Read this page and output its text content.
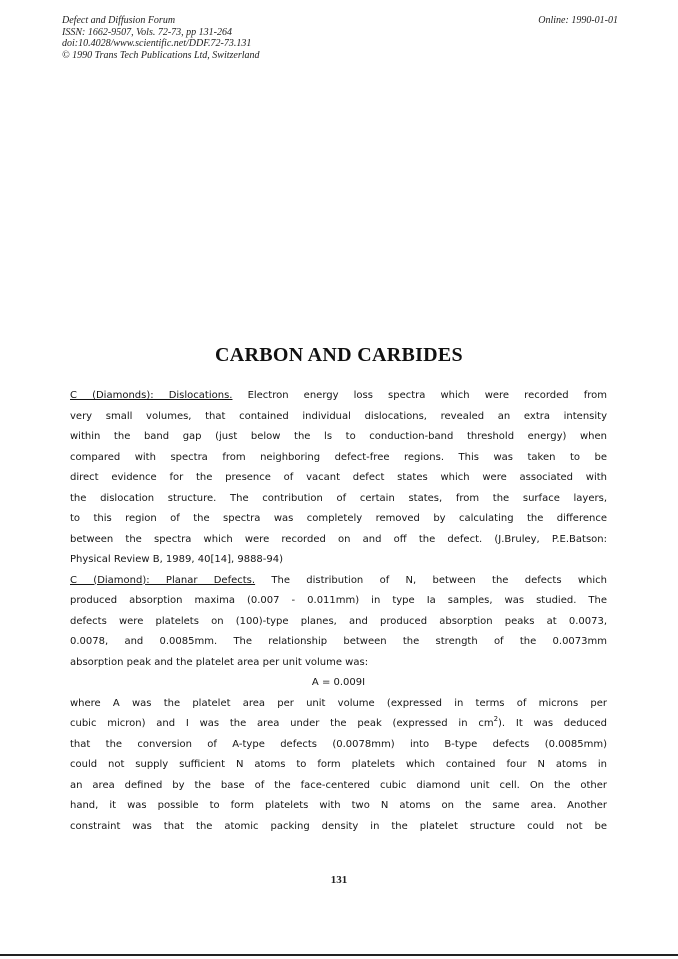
Defect and Diffusion Forum
ISSN: 1662-9507, Vols. 72-73, pp 131-264
doi:10.4028/www.scientific.net/DDF.72-73.131
© 1990 Trans Tech Publications Ltd, Switzerland
Online: 1990-01-01
CARBON AND CARBIDES
C (Diamonds): Dislocations. Electron energy loss spectra which were recorded from
very small volumes, that contained individual dislocations, revealed an extra intensity
within the band gap (just below the ls to conduction-band threshold energy) when
compared with spectra from neighboring defect-free regions. This was taken to be
direct evidence for the presence of vacant defect states which were associated with
the dislocation structure. The contribution of certain states, from the surface layers,
to this region of the spectra was completely removed by calculating the difference
between the spectra which were recorded on and off the defect. (J.Bruley, P.E.Batson:
Physical Review B, 1989, 40[14], 9888-94)
C (Diamond): Planar Defects. The distribution of N, between the defects which
produced absorption maxima (0.007 - 0.011mm) in type Ia samples, was studied. The
defects were platelets on (100)-type planes, and produced absorption peaks at 0.0073,
0.0078, and 0.0085mm. The relationship between the strength of the 0.0073mm
absorption peak and the platelet area per unit volume was:
A = 0.009I
where A was the platelet area per unit volume (expressed in terms of microns per
cubic micron) and I was the area under the peak (expressed in $cm^2$). It was deduced
that the conversion of A-type defects (0.0078mm) into B-type defects (0.0085mm)
could not supply sufficient N atoms to form platelets which contained four N atoms in
an area defined by the base of the face-centered cubic diamond unit cell. On the other
hand, it was possible to form platelets with two N atoms on the same area. Another
constraint was that the atomic packing density in the platelet structure could not be
131
